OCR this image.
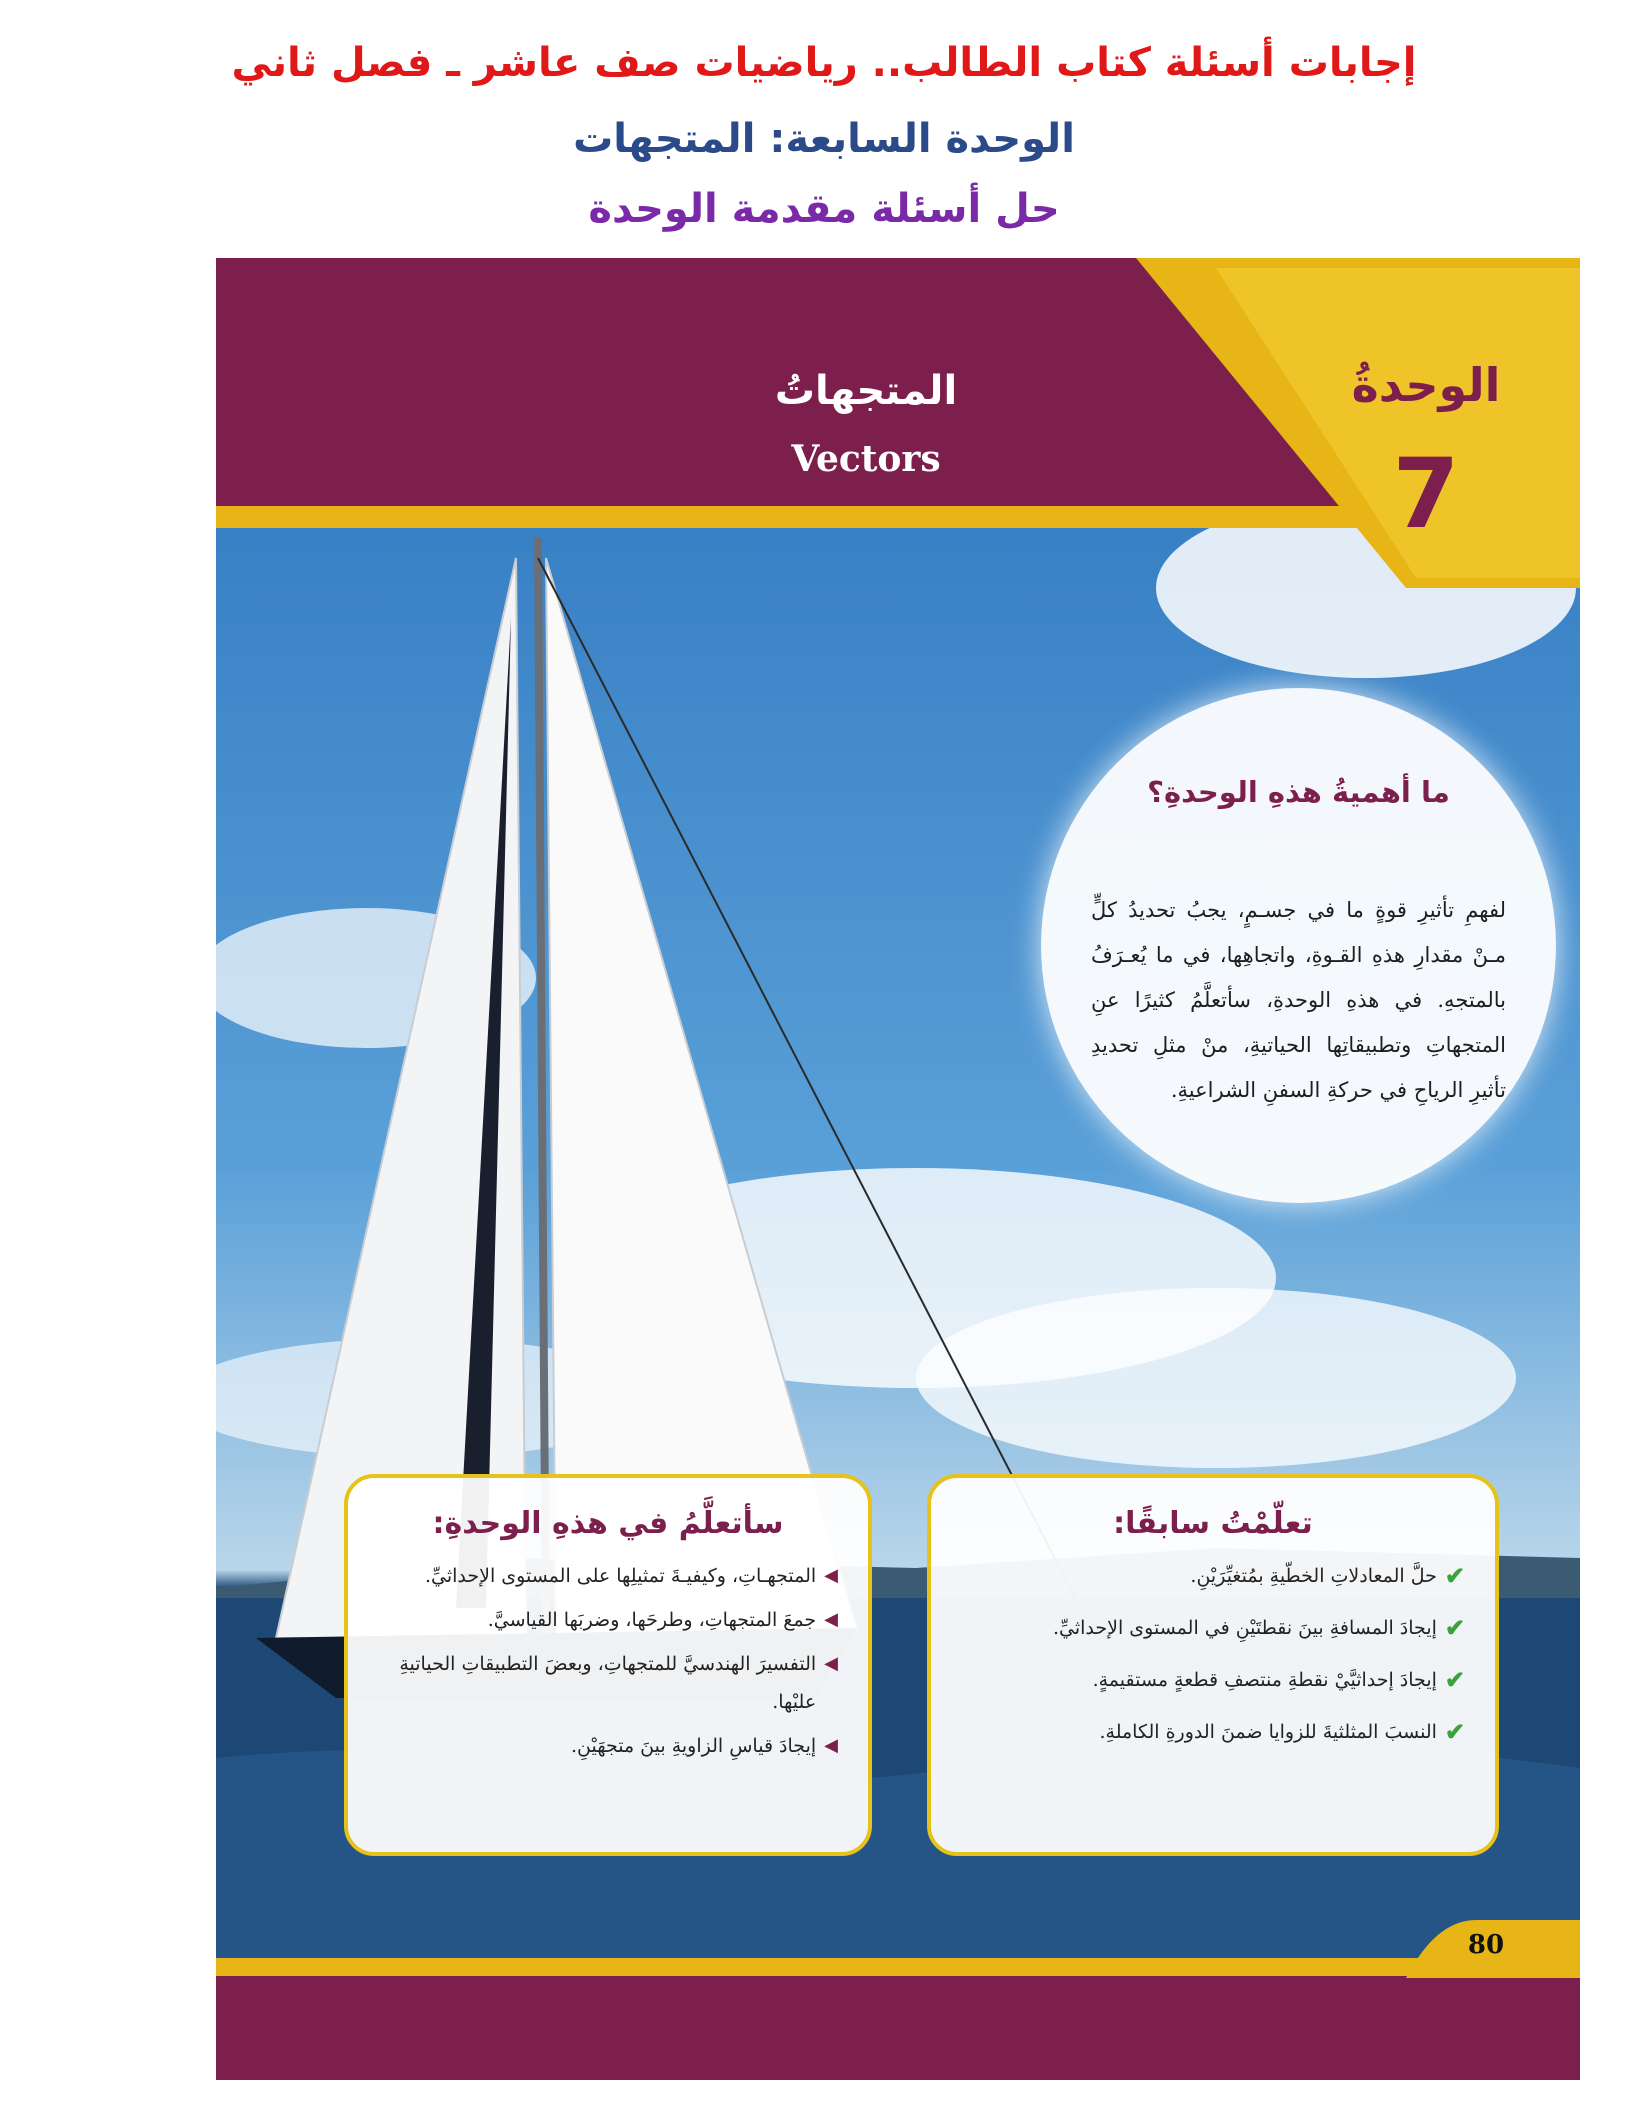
إجابات أسئلة كتاب الطالب.. رياضيات صف عاشر ـ فصل ثاني
الوحدة السابعة: المتجهات
حل أسئلة مقدمة الوحدة
المتجهاتُ
Vectors
الوحدةُ
7
ما أهميةُ هذهِ الوحدةِ؟
لفهمِ تأثيرِ قوةٍ ما في جسـمٍ، يجبُ تحديدُ كلٍّ مـنْ مقدارِ هذهِ القـوةِ، واتجاهِها، في ما يُعـرَفُ بالمتجهِ. في هذهِ الوحدةِ، سأتعلَّمُ كثيرًا عنِ المتجهاتِ وتطبيقاتِها الحياتيةِ، منْ مثلِ تحديدِ تأثيرِ الرياحِ في حركةِ السفنِ الشراعيةِ.
تعلّمْتُ سابقًا:
✔
حلَّ المعادلاتِ الخطّيةِ بمُتغيِّرَيْنِ.
✔
إيجادَ المسافةِ بينَ نقطتَيْنِ في المستوى الإحداثيِّ.
✔
إيجادَ إحداثيَّيْ نقطةِ منتصفِ قطعةٍ مستقيمةٍ.
✔
النسبَ المثلثيةَ للزوايا ضمنَ الدورةِ الكاملةِ.
سأتعلَّمُ في هذهِ الوحدةِ:
◀
المتجهـاتِ، وكيفيـةَ تمثيلِها على المستوى الإحداثيِّ.
◀
جمعَ المتجهاتِ، وطرحَها، وضربَها القياسيَّ.
◀
التفسيرَ الهندسيَّ للمتجهاتِ، وبعضَ التطبيقاتِ الحياتيةِ عليْها.
◀
إيجادَ قياسِ الزاويةِ بينَ متجهَيْنِ.
80
